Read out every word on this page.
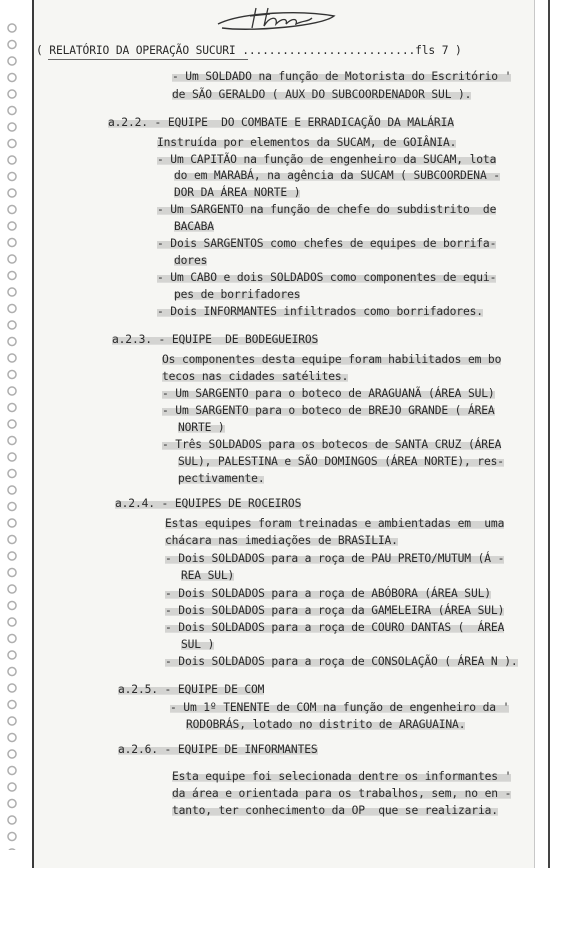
( RELATÓRIO DA OPERAÇÃO SUCURI ..........................fls 7 )
- Um SOLDADO na função de Motorista do Escritório '
de SÃO GERALDO ( AUX DO SUBCOORDENADOR SUL ).
a.2.2. - EQUIPE  DO COMBATE E ERRADICAÇÃO DA MALÁRIA
Instruída por elementos da SUCAM, de GOIÂNIA.
- Um CAPITÃO na função de engenheiro da SUCAM, lota
do em MARABÁ, na agência da SUCAM ( SUBCOORDENA -
DOR DA ÁREA NORTE )
- Um SARGENTO na função de chefe do subdistrito  de
BACABA
- Dois SARGENTOS como chefes de equipes de borrifa-
dores
- Um CABO e dois SOLDADOS como componentes de equi-
pes de borrifadores
- Dois INFORMANTES infiltrados como borrifadores.
a.2.3. - EQUIPE  DE BODEGUEIROS
Os componentes desta equipe foram habilitados em bo
tecos nas cidades satélites.
- Um SARGENTO para o boteco de ARAGUANÃ (ÁREA SUL)
- Um SARGENTO para o boteco de BREJO GRANDE ( ÁREA
NORTE )
- Três SOLDADOS para os botecos de SANTA CRUZ (ÁREA
SUL), PALESTINA e SÃO DOMINGOS (ÁREA NORTE), res-
pectivamente.
a.2.4. - EQUIPES DE ROCEIROS
Estas equipes foram treinadas e ambientadas em  uma
chácara nas imediações de BRASILIA.
- Dois SOLDADOS para a roça de PAU PRETO/MUTUM (Á -
REA SUL)
- Dois SOLDADOS para a roça de ABÓBORA (ÁREA SUL)
- Dois SOLDADOS para a roça da GAMELEIRA (ÁREA SUL)
- Dois SOLDADOS para a roça de COURO DANTAS (  ÁREA
SUL )
- Dois SOLDADOS para a roça de CONSOLAÇÃO ( ÁREA N ).
a.2.5. - EQUIPE DE COM
- Um 1º TENENTE de COM na função de engenheiro da '
RODOBRÁS, lotado no distrito de ARAGUAINA.
a.2.6. - EQUIPE DE INFORMANTES
Esta equipe foi selecionada dentre os informantes '
da área e orientada para os trabalhos, sem, no en -
tanto, ter conhecimento da OP  que se realizaria.
